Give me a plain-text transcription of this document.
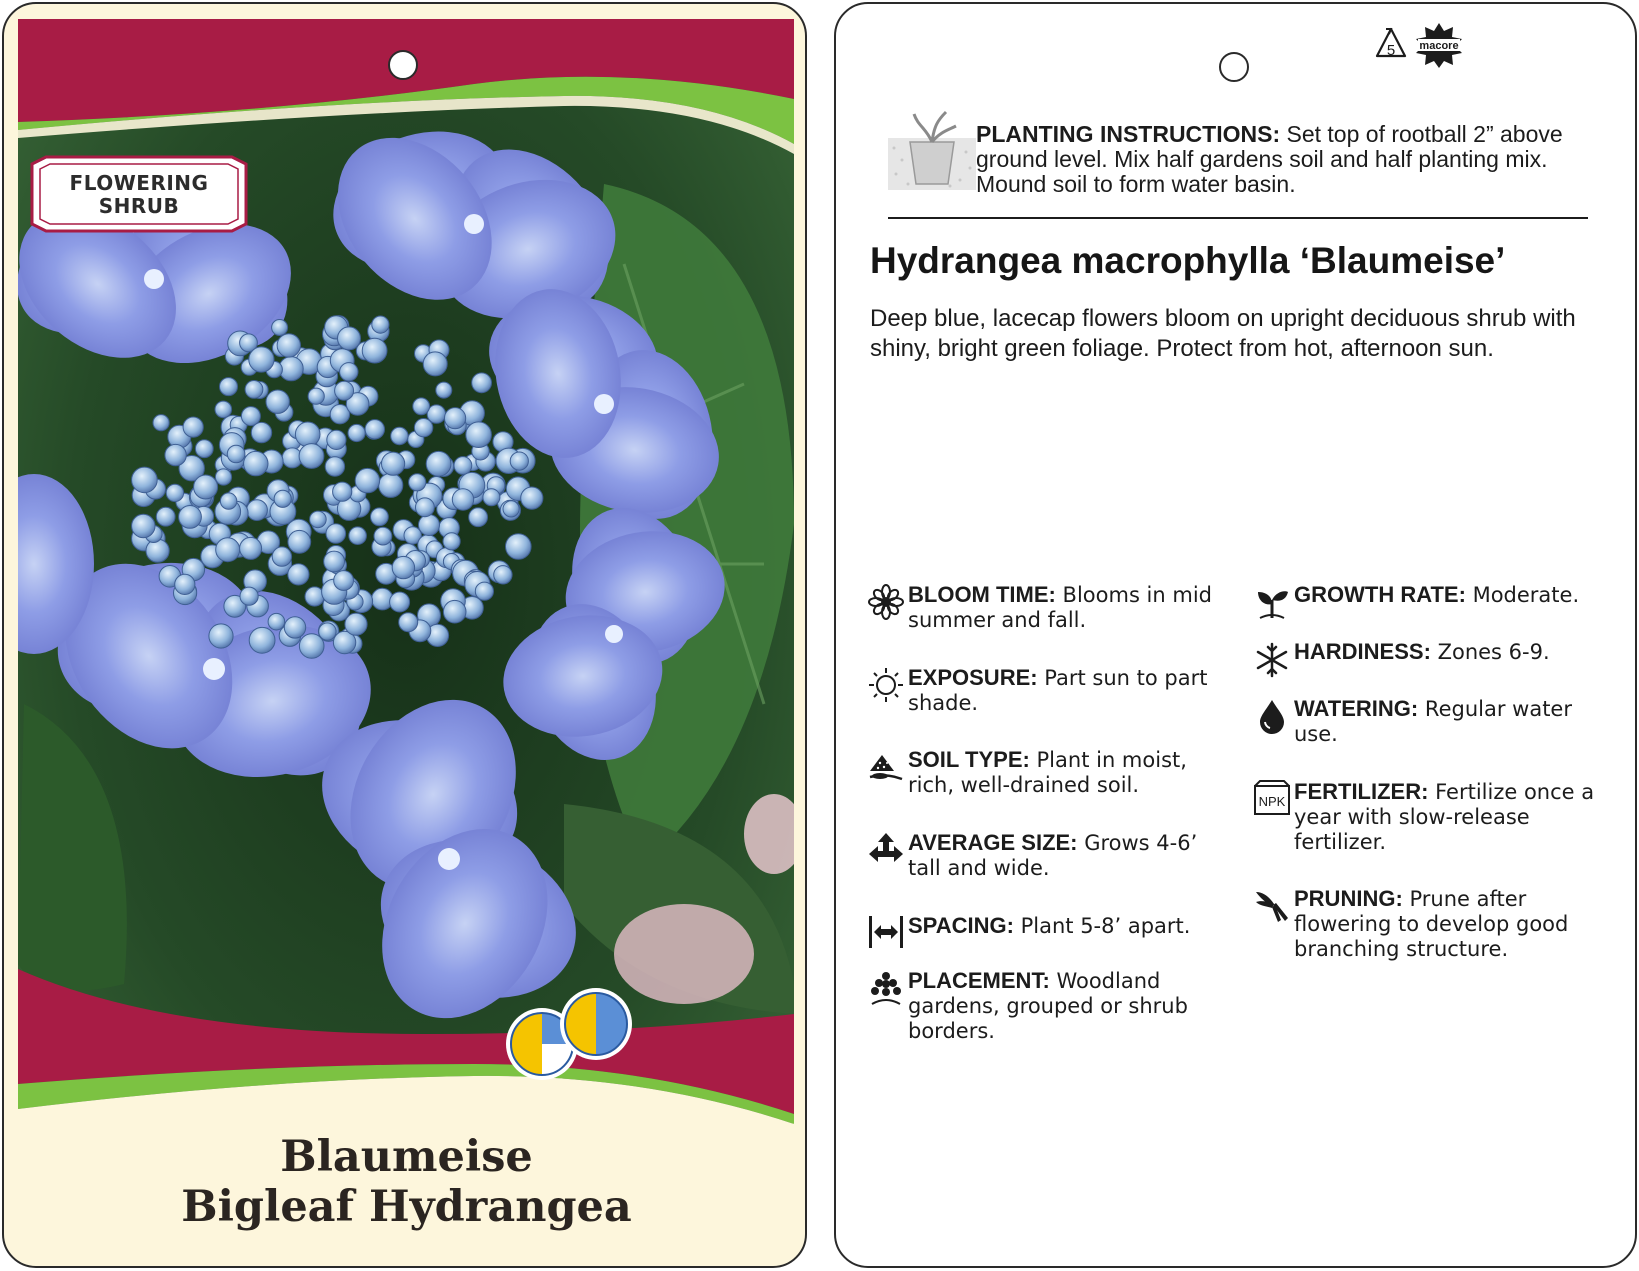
FLOWERING
SHRUB
Blaumeise
Bigleaf Hydrangea
5 macore
PLANTING INSTRUCTIONS: Set top of rootball 2” above
ground level. Mix half gardens soil and half planting mix.
Mound soil to form water basin.
Hydrangea macrophylla ‘Blaumeise’
Deep blue, lacecap flowers bloom on upright deciduous shrub with
shiny, bright green foliage. Protect from hot, afternoon sun.
BLOOM TIME: Blooms in mid
summer and fall.
EXPOSURE: Part sun to part
shade.
SOIL TYPE: Plant in moist,
rich, well-drained soil.
AVERAGE SIZE: Grows 4-6’
tall and wide.
SPACING: Plant 5-8’ apart.
PLACEMENT: Woodland
gardens, grouped or shrub
borders.
GROWTH RATE: Moderate.
HARDINESS: Zones 6-9.
WATERING: Regular water
use.
NPK FERTILIZER: Fertilize once a
year with slow-release
fertilizer.
PRUNING: Prune after
flowering to develop good
branching structure.
